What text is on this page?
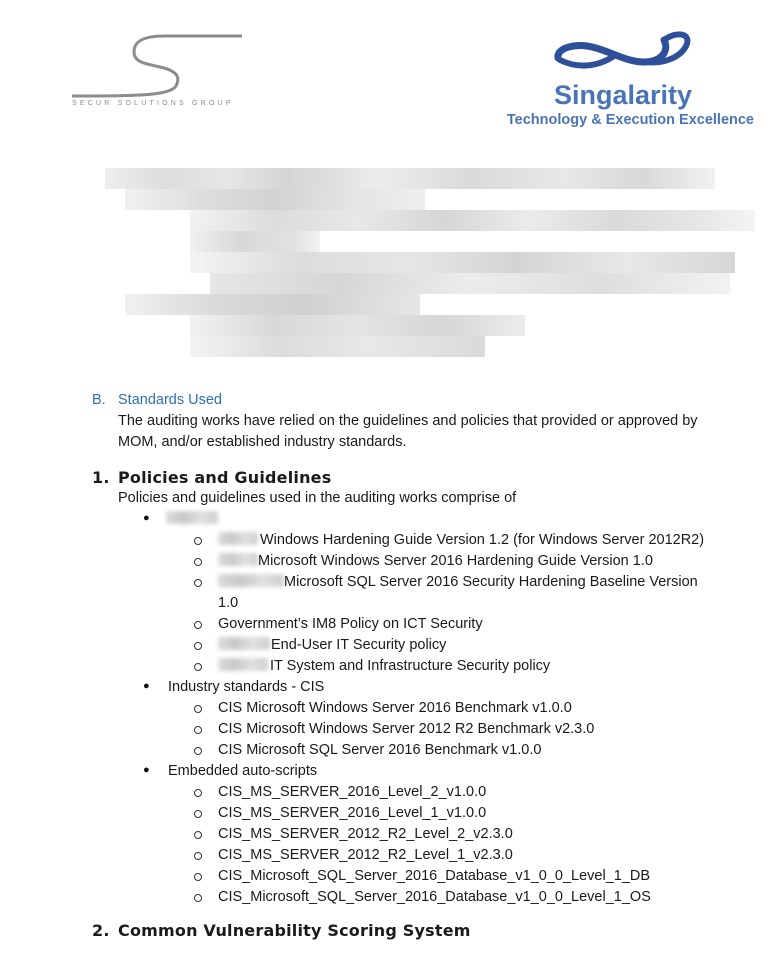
SECUR SOLUTIONS GROUP	Singalarity
Technology & Execution Excellence
B. Standards Used
The auditing works have relied on the guidelines and policies that provided or approved by
MOM, and/or established industry standards.
1. Policies and Guidelines
Policies and guidelines used in the auditing works comprise of
●
Windows Hardening Guide Version 1.2 (for Windows Server 2012R2)
Microsoft Windows Server 2016 Hardening Guide Version 1.0
Microsoft SQL Server 2016 Security Hardening Baseline Version
1.0
Government’s IM8 Policy on ICT Security
End-User IT Security policy
IT System and Infrastructure Security policy
● Industry standards - CIS
CIS Microsoft Windows Server 2016 Benchmark v1.0.0
CIS Microsoft Windows Server 2012 R2 Benchmark v2.3.0
CIS Microsoft SQL Server 2016 Benchmark v1.0.0
● Embedded auto-scripts
CIS_MS_SERVER_2016_Level_2_v1.0.0
CIS_MS_SERVER_2016_Level_1_v1.0.0
CIS_MS_SERVER_2012_R2_Level_2_v2.3.0
CIS_MS_SERVER_2012_R2_Level_1_v2.3.0
CIS_Microsoft_SQL_Server_2016_Database_v1_0_0_Level_1_DB
CIS_Microsoft_SQL_Server_2016_Database_v1_0_0_Level_1_OS
2. Common Vulnerability Scoring System
